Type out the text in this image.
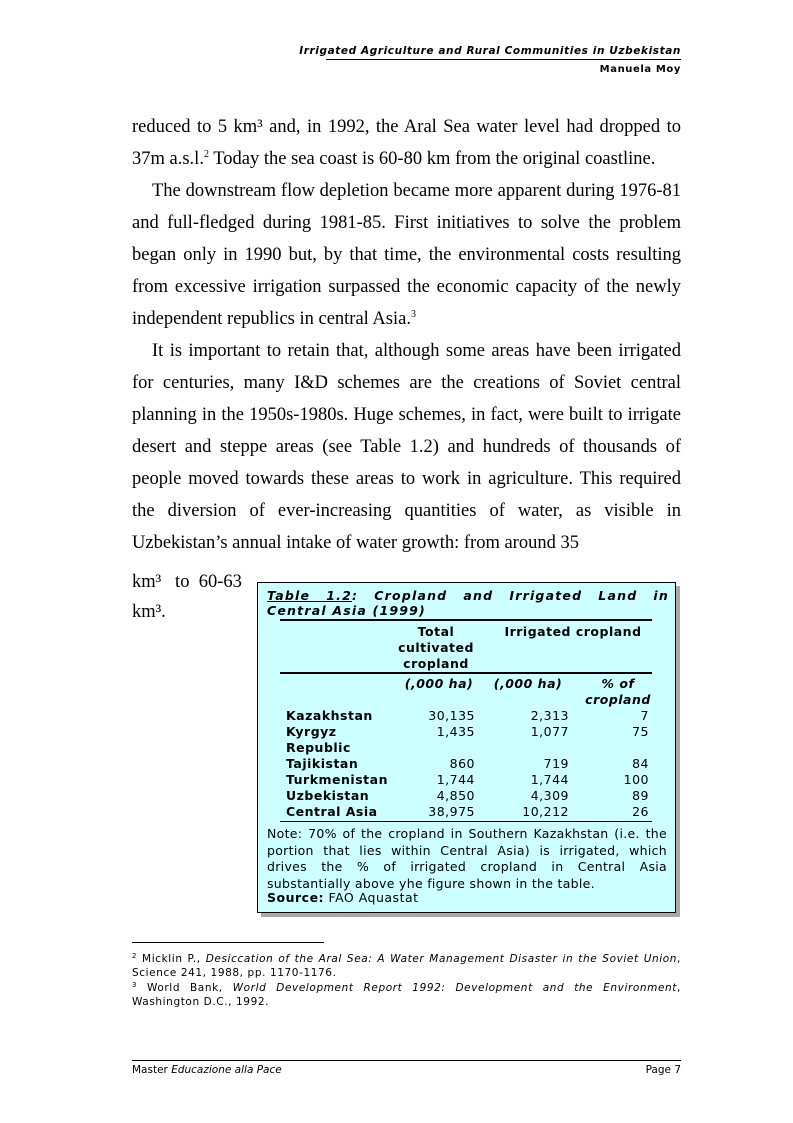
Irrigated Agriculture and Rural Communities in Uzbekistan
Manuela Moy

reduced to 5 km³ and, in 1992, the Aral Sea water level had dropped to 37m a.s.l.$^2$ Today the sea coast is 60-80 km from the original coastline.

The downstream flow depletion became more apparent during 1976-81 and full-fledged during 1981-85. First initiatives to solve the problem began only in 1990 but, by that time, the environmental costs resulting from excessive irrigation surpassed the economic capacity of the newly independent republics in central Asia.$^3$

It is important to retain that, although some areas have been irrigated for centuries, many I&D schemes are the creations of Soviet central planning in the 1950s-1980s. Huge schemes, in fact, were built to irrigate desert and steppe areas (see Table 1.2) and hundreds of thousands of people moved towards these areas to work in agriculture. This required the diversion of ever-increasing quantities of water, as visible in Uzbekistan’s annual intake of water growth: from around 35

km³   to  60-63
km³.
Table 1.2: Cropland and Irrigated Land in Central Asia (1999)
Total cultivated cropland
Irrigated cropland
(,000 ha)	(,000 ha)	% of cropland
Kazakhstan	30,135	2,313	7
Kyrgyz	1,435	1,077	75
Republic
Tajikistan	860	719	84
Turkmenistan	1,744	1,744	100
Uzbekistan	4,850	4,309	89
Central Asia	38,975	10,212	26
Note: 70% of the cropland in Southern Kazakhstan (i.e. the portion that lies within Central Asia) is irrigated, which drives the % of irrigated cropland in Central Asia substantially above yhe figure shown in the table.
Source: FAO Aquastat
$^2$ Micklin P., Desiccation of the Aral Sea: A Water Management Disaster in the Soviet Union, Science 241, 1988, pp. 1170-1176.
$^3$ World Bank, World Development Report 1992: Development and the Environment, Washington D.C., 1992.
Master Educazione alla Pace	Page 7
